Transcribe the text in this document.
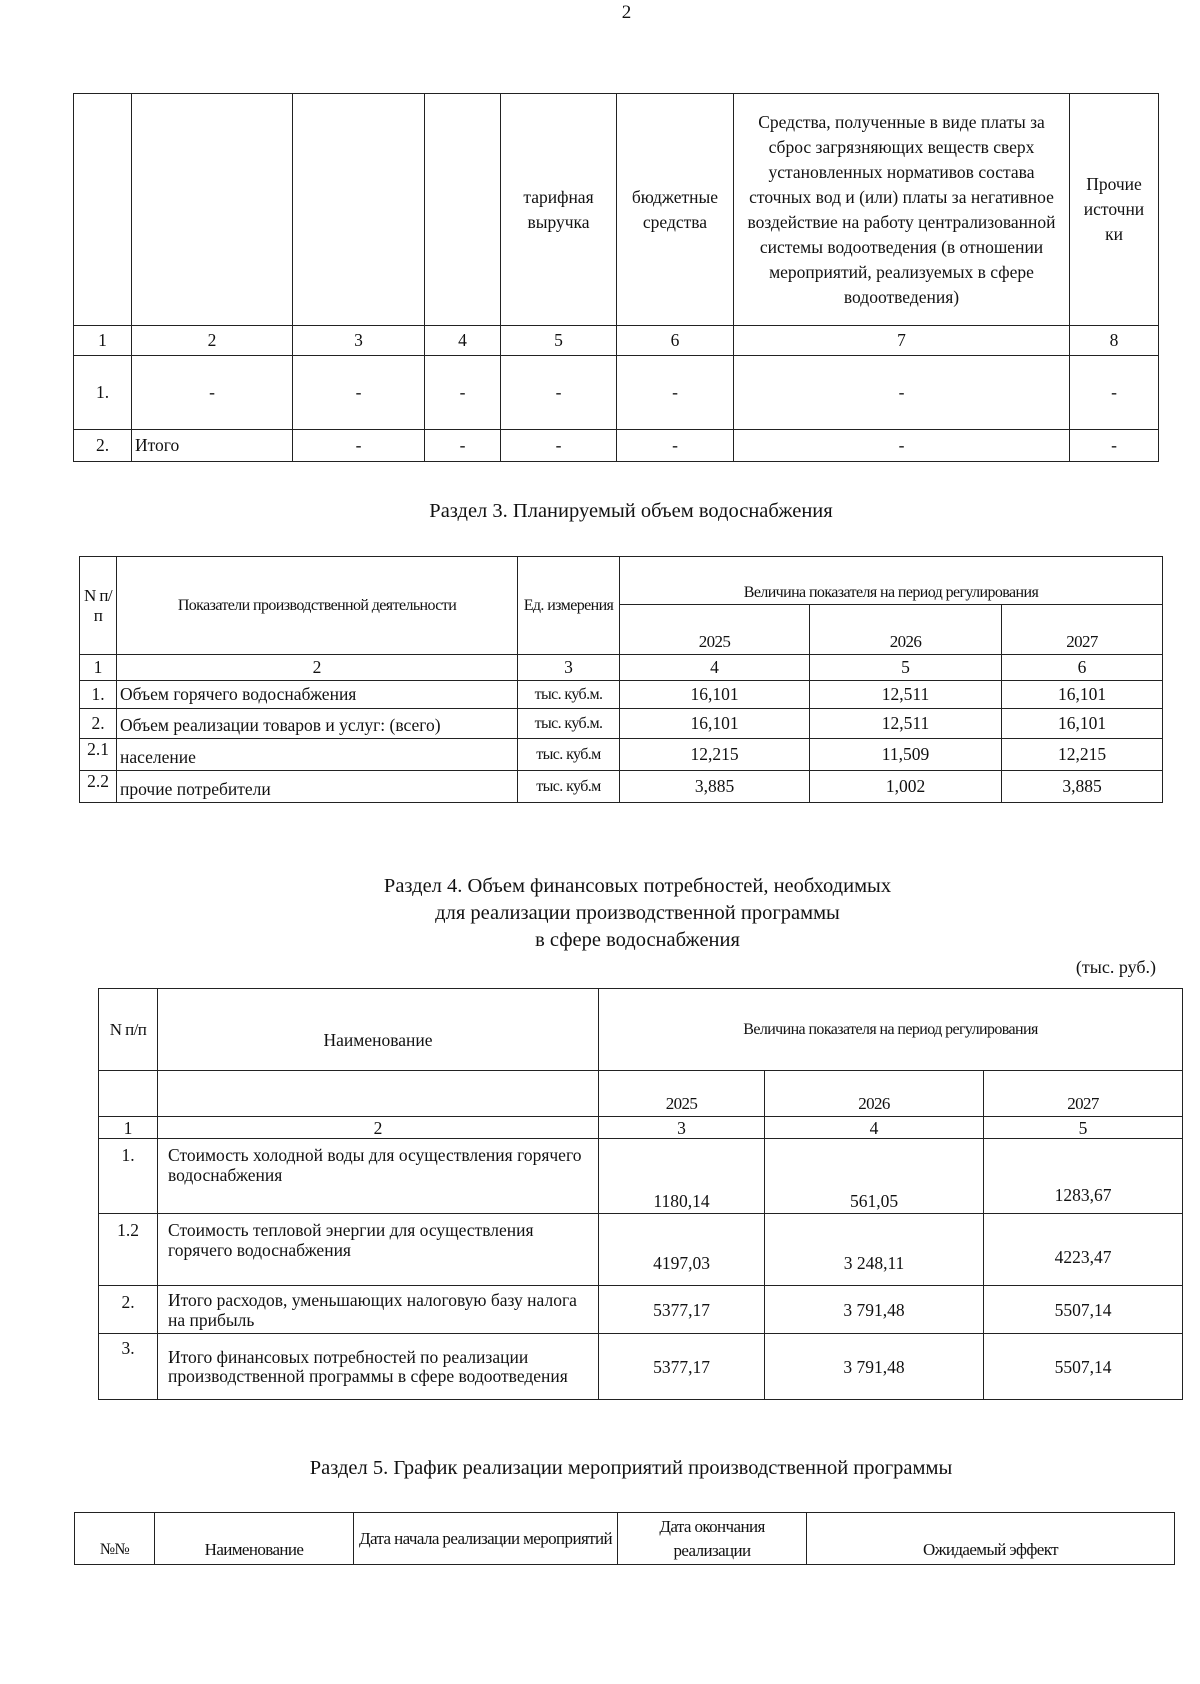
2
				тарифная выручка	бюджетные средства	Средства, полученные в виде платы за сброс загрязняющих веществ сверх установленных нормативов состава сточных вод и (или) платы за негативное воздействие на работу централизованной системы водоотведения (в отношении мероприятий, реализуемых в сфере водоотведения)	Прочие источни ки
1	2	3	4	5	6	7	8
1.	-	-	-	-	-	-	-
2.	Итого	-	-	-	-	-	-
Раздел 3. Планируемый объем водоснабжения
N п/п	Показатели производственной деятельности	Ед. измерения	Величина показателя на период регулирования		
			2025	2026	2027
1	2	3	4	5	6
1.	Объем горячего водоснабжения	тыс. куб.м.	16,101	12,511	16,101
2.	Объем реализации товаров и услуг: (всего)	тыс. куб.м.	16,101	12,511	16,101
2.1	население	тыс. куб.м	12,215	11,509	12,215
2.2	прочие потребители	тыс. куб.м	3,885	1,002	3,885
Раздел 4. Объем финансовых потребностей, необходимых
для реализации производственной программы
в сфере водоснабжения
(тыс. руб.)
N п/п	Наименование	Величина показателя на период регулирования		
		2025	2026	2027
1	2	3	4	5
1.	Стоимость холодной воды для осуществления горячего водоснабжения	1180,14	561,05	1283,67
1.2	Стоимость тепловой энергии для осуществления горячего водоснабжения	4197,03	3 248,11	4223,47
2.	Итого расходов, уменьшающих налоговую базу налога на прибыль	5377,17	3 791,48	5507,14
3.	Итого финансовых потребностей по реализации производственной программы в сфере водоотведения	5377,17	3 791,48	5507,14
Раздел 5. График реализации мероприятий производственной программы
№№	Наименование	Дата начала реализации мероприятий	Дата окончания реализации	Ожидаемый эффект
